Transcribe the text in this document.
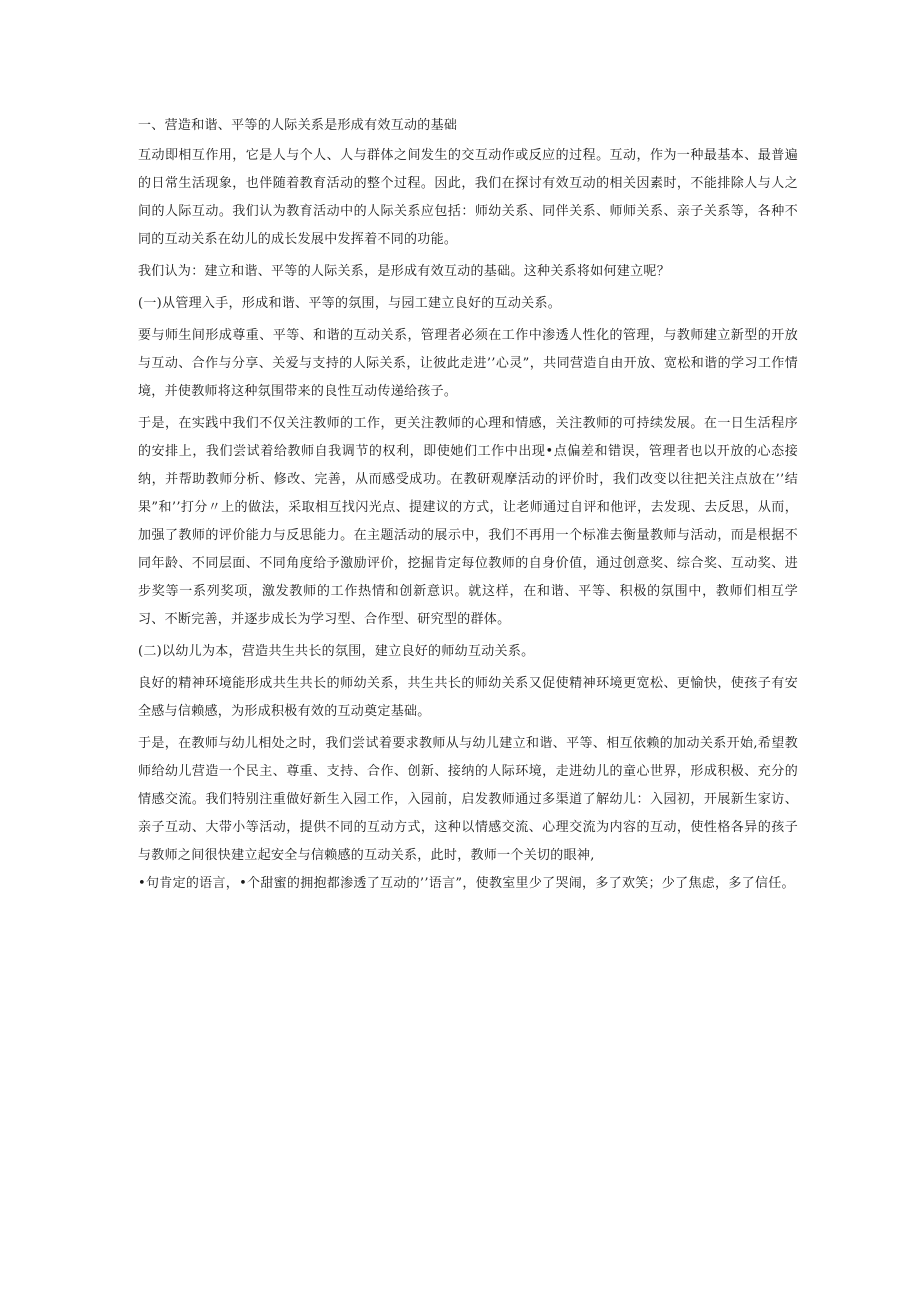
一、营造和谐、平等的人际关系是形成有效互动的基础

互动即相互作用，它是人与个人、人与群体之间发生的交互动作或反应的过程。互动，作为一种最基本、最普遍的日常生活现象，也伴随着教育活动的整个过程。因此，我们在探讨有效互动的相关因素时，不能排除人与人之间的人际互动。我们认为教育活动中的人际关系应包括：师幼关系、同伴关系、师师关系、亲子关系等，各种不同的互动关系在幼儿的成长发展中发挥着不同的功能。

我们认为：建立和谐、平等的人际关系，是形成有效互动的基础。这种关系将如何建立呢？

(一)从管理入手，形成和谐、平等的氛围，与园工建立良好的互动关系。

要与师生间形成尊重、平等、和谐的互动关系，管理者必须在工作中渗透人性化的管理，与教师建立新型的开放与互动、合作与分享、关爱与支持的人际关系，让彼此走进’’心灵”，共同营造自由开放、宽松和谐的学习工作情境，并使教师将这种氛围带来的良性互动传递给孩子。

于是，在实践中我们不仅关注教师的工作，更关注教师的心理和情感，关注教师的可持续发展。在一日生活程序的安排上，我们尝试着给教师自我调节的权利，即使她们工作中出现•点偏差和错误，管理者也以开放的心态接纳，并帮助教师分析、修改、完善，从而感受成功。在教研观摩活动的评价时，我们改变以往把关注点放在’’结果”和’’打分〃上的做法，采取相互找闪光点、提建议的方式，让老师通过自评和他评，去发现、去反思，从而，加强了教师的评价能力与反思能力。在主题活动的展示中，我们不再用一个标准去衡量教师与活动，而是根据不同年龄、不同层面、不同角度给予激励评价，挖掘肯定每位教师的自身价值，通过创意奖、综合奖、互动奖、进步奖等一系列奖项，激发教师的工作热情和创新意识。就这样，在和谐、平等、积极的氛围中，教师们相互学习、不断完善，并逐步成长为学习型、合作型、研究型的群体。

(二)以幼儿为本，营造共生共长的氛围，建立良好的师幼互动关系。

良好的精神环境能形成共生共长的师幼关系，共生共长的师幼关系又促使精神环境更宽松、更愉快，使孩子有安全感与信赖感，为形成积极有效的互动奠定基础。

于是，在教师与幼儿相处之时，我们尝试着要求教师从与幼儿建立和谐、平等、相互依赖的加动关系开始,希望教师给幼儿营造一个民主、尊重、支持、合作、创新、接纳的人际环境，走进幼儿的童心世界，形成积极、充分的情感交流。我们特别注重做好新生入园工作，入园前，启发教师通过多渠道了解幼儿：入园初，开展新生家访、亲子互动、大带小等活动，提供不同的互动方式，这种以情感交流、心理交流为内容的互动，使性格各异的孩子与教师之间很快建立起安全与信赖感的互动关系，此时，教师一个关切的眼神,

•句肯定的语言，•个甜蜜的拥抱都渗透了互动的’’语言”，使教室里少了哭闹，多了欢笑；少了焦虑，多了信任。
